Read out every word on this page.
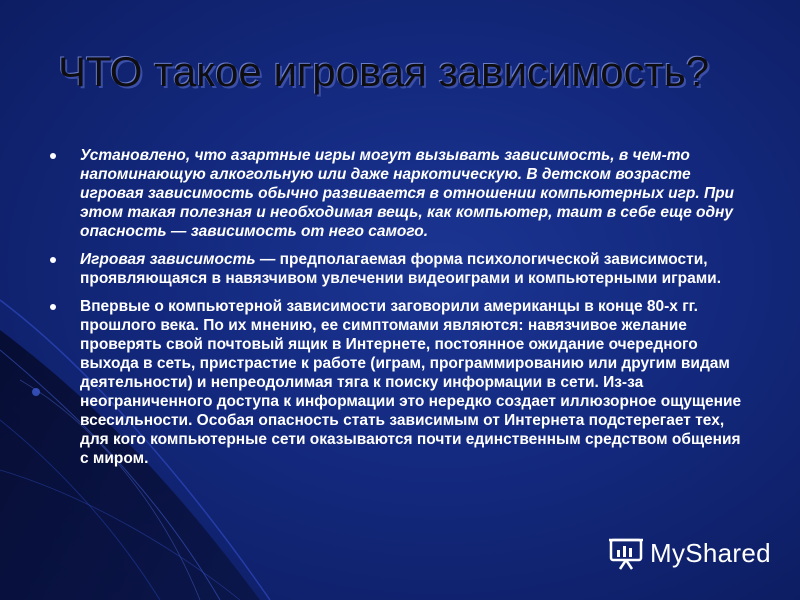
ЧТО такое игровая зависимость?
Установлено, что азартные игры могут вызывать зависимость, в чем-то напоминающую алкогольную или даже наркотическую. В детском возрасте игровая зависимость обычно развивается в отношении компьютерных игр. При этом такая полезная и необходимая вещь, как компьютер, таит в себе еще одну опасность — зависимость от него самого.
Игровая зависимость — предполагаемая форма психологической зависимости, проявляющаяся в навязчивом увлечении видеоиграми и компьютерными играми.
Впервые о компьютерной зависимости заговорили американцы в конце 80-х гг. прошлого века. По их мнению, ее симптомами являются: навязчивое желание проверять свой почтовый ящик в Интернете, постоянное ожидание очередного выхода в сеть, пристрастие к работе (играм, программированию или другим видам деятельности) и непреодолимая тяга к поиску информации в сети. Из-за неограниченного доступа к информации это нередко создает иллюзорное ощущение всесильности. Особая опасность стать зависимым от Интернета подстерегает тех, для кого компьютерные сети оказываются почти единственным средством общения с миром.
MyShared
